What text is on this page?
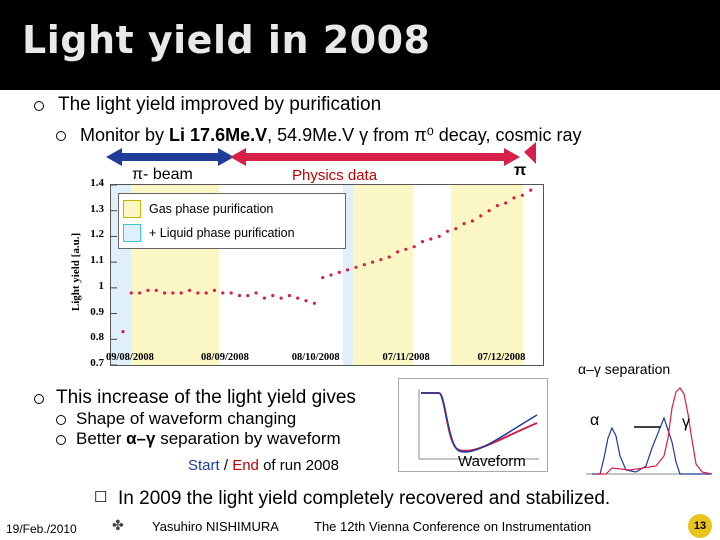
Light yield in 2008
The light yield improved by purification
Monitor by Li 17.6Me.V, 54.9Me.V γ from π⁰ decay, cosmic ray
π- beam	Physics data	π
Light yield [a.u.]
1.4
1.3
1.2
1.1
1
0.9
0.8
0.7 09/08/2008	08/09/2008	08/10/2008	07/11/2008	07/12/2008
Gas phase purification
+ Liquid phase purification
α–γ separation
This increase of the light yield gives
Shape of waveform changing
Better α–γ separation by waveform
Start / End of run 2008	Waveform
α	γ
☐ In 2009 the light yield completely recovered and stabilized.
19/Feb./2010	✤ Yasuhiro NISHIMURA	The 12th Vienna Conference on Instrumentation	13
